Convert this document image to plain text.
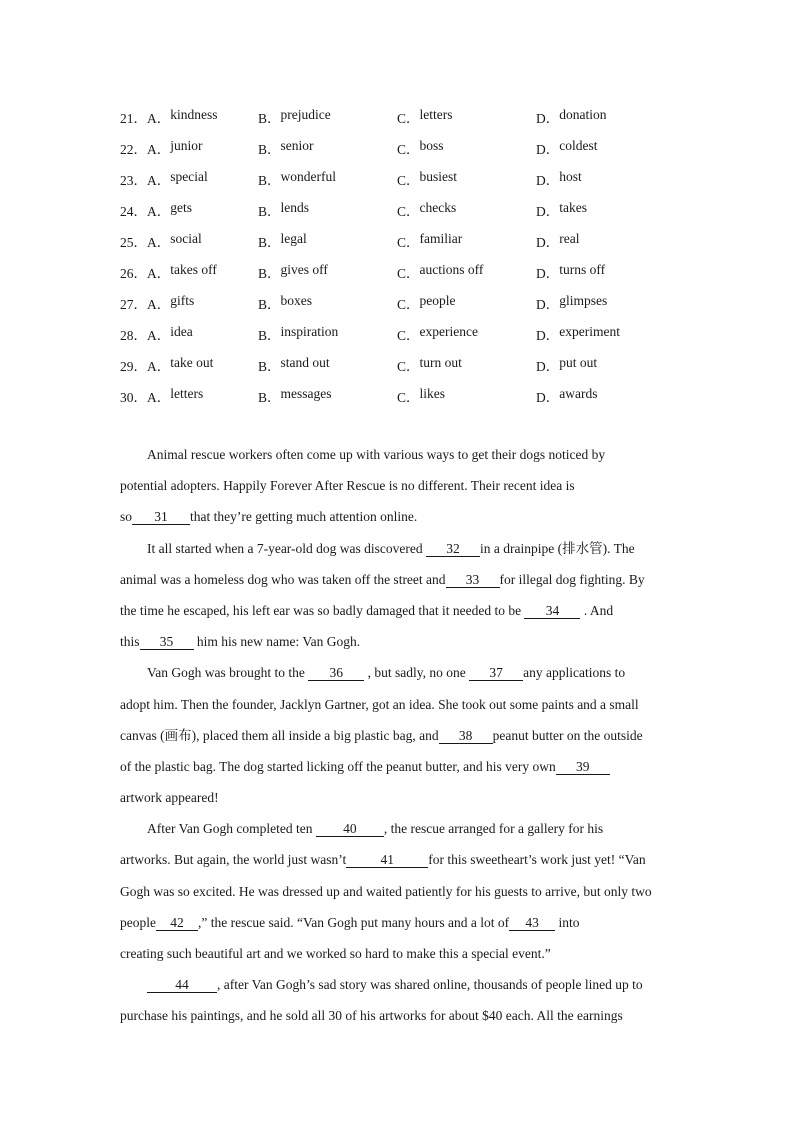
21． A． kindness	B． prejudice	C． letters	D． donation
22． A． junior	B． senior	C． boss	D． coldest
23． A． special	B． wonderful	C． busiest	D． host
24． A． gets	B． lends	C． checks	D． takes
25． A． social	B． legal	C． familiar	D． real
26． A． takes off	B． gives off	C． auctions off	D． turns off
27． A． gifts	B． boxes	C． people	D． glimpses
28． A． idea	B． inspiration	C． experience	D． experiment
29． A． take out	B． stand out	C． turn out	D． put out
30． A． letters	B． messages	C． likes	D． awards
Animal rescue workers often come up with various ways to get their dogs noticed by
potential adopters. Happily Forever After Rescue is no different. Their recent idea is
so 31 that they’re getting much attention online.
It all started when a 7-year-old dog was discovered 32 in a drainpipe (排水管). The
animal was a homeless dog who was taken off the street and 33 for illegal dog fighting. By
the time he escaped, his left ear was so badly damaged that it needed to be 34 . And
this 35 him his new name: Van Gogh.
Van Gogh was brought to the 36 , but sadly, no one 37 any applications to
adopt him. Then the founder, Jacklyn Gartner, got an idea. She took out some paints and a small
canvas (画布), placed them all inside a big plastic bag, and 38 peanut butter on the outside
of the plastic bag. The dog started licking off the peanut butter, and his very own 39
artwork appeared!
After Van Gogh completed ten 40 , the rescue arranged for a gallery for his
artworks. But again, the world just wasn’t	41	for this sweetheart’s work just yet! “Van
Gogh was so excited. He was dressed up and waited patiently for his guests to arrive, but only two
people 42 ,” the rescue said. “Van Gogh put many hours and a lot of 43 into
creating such beautiful art and we worked so hard to make this a special event.”
44 , after Van Gogh’s sad story was shared online, thousands of people lined up to
purchase his paintings, and he sold all 30 of his artworks for about $40 each. All the earnings
